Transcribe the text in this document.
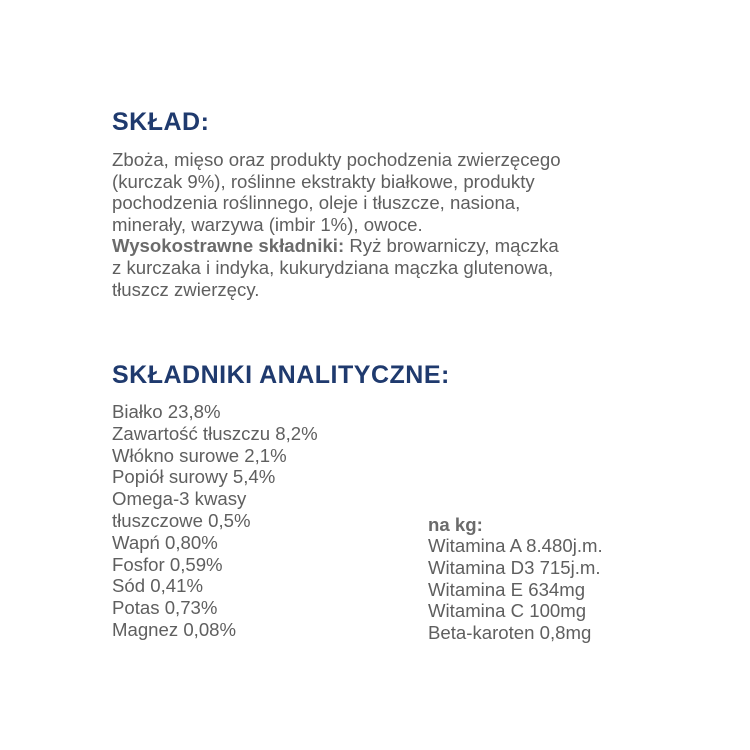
SKŁAD:
Zboża, mięso oraz produkty pochodzenia zwierzęcego
(kurczak 9%), roślinne ekstrakty białkowe, produkty
pochodzenia roślinnego, oleje i tłuszcze, nasiona,
minerały, warzywa (imbir 1%), owoce.
Wysokostrawne składniki: Ryż browarniczy, mączka
z kurczaka i indyka, kukurydziana mączka glutenowa,
tłuszcz zwierzęcy.
SKŁADNIKI ANALITYCZNE:
Białko 23,8%
Zawartość tłuszczu 8,2%
Włókno surowe 2,1%
Popiół surowy 5,4%
Omega-3 kwasy
tłuszczowe 0,5%
Wapń 0,80%
Fosfor 0,59%
Sód 0,41%
Potas 0,73%
Magnez 0,08%
na kg:
Witamina A 8.480j.m.
Witamina D3 715j.m.
Witamina E 634mg
Witamina C 100mg
Beta-karoten 0,8mg
